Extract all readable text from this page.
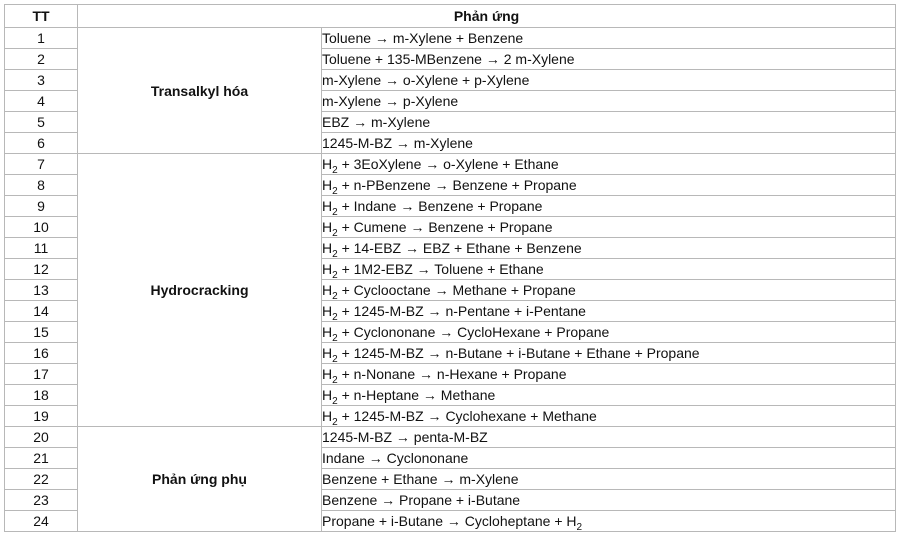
TT	Phản ứng	
1	Transalkyl hóa	Toluene → m-Xylene + Benzene
2		Toluene + 135-MBenzene → 2 m-Xylene
3		m-Xylene → o-Xylene + p-Xylene
4		m-Xylene → p-Xylene
5		EBZ → m-Xylene
6		1245-M-BZ → m-Xylene
7	Hydrocracking	$H_2$ + 3EoXylene → o-Xylene + Ethane
8		$H_2$ + n-PBenzene → Benzene + Propane
9		$H_2$ + Indane → Benzene + Propane
10		$H_2$ + Cumene → Benzene + Propane
11		$H_2 + 14-EBZ$ → EBZ + Ethane + Benzene
12		$H_2 + 1M2-EBZ$ → Toluene + Ethane
13		$H_2$ + Cyclooctane → Methane + Propane
14		$H_2 + 1245-M-BZ \to n-Pentane + i-Pentane$
15		$H_2$ + Cyclononane → CycloHexane + Propane
16		$H_2 + 1245-M-BZ \to n-Butane + i-Butane$ + Ethane + Propane
17		$H_2$ + n-Nonane → n-Hexane + Propane
18		$H_2 + n-Heptane$ → Methane
19		$H_2 + 1245-M-BZ$ → Cyclohexane + Methane
20	Phản ứng phụ	1245-M-BZ → penta-M-BZ
21		Indane → Cyclononane
22		Benzene + Ethane → m-Xylene
23		Benzene → Propane + i-Butane
24		Propane + i-Butane → Cycloheptane + $H_2$
